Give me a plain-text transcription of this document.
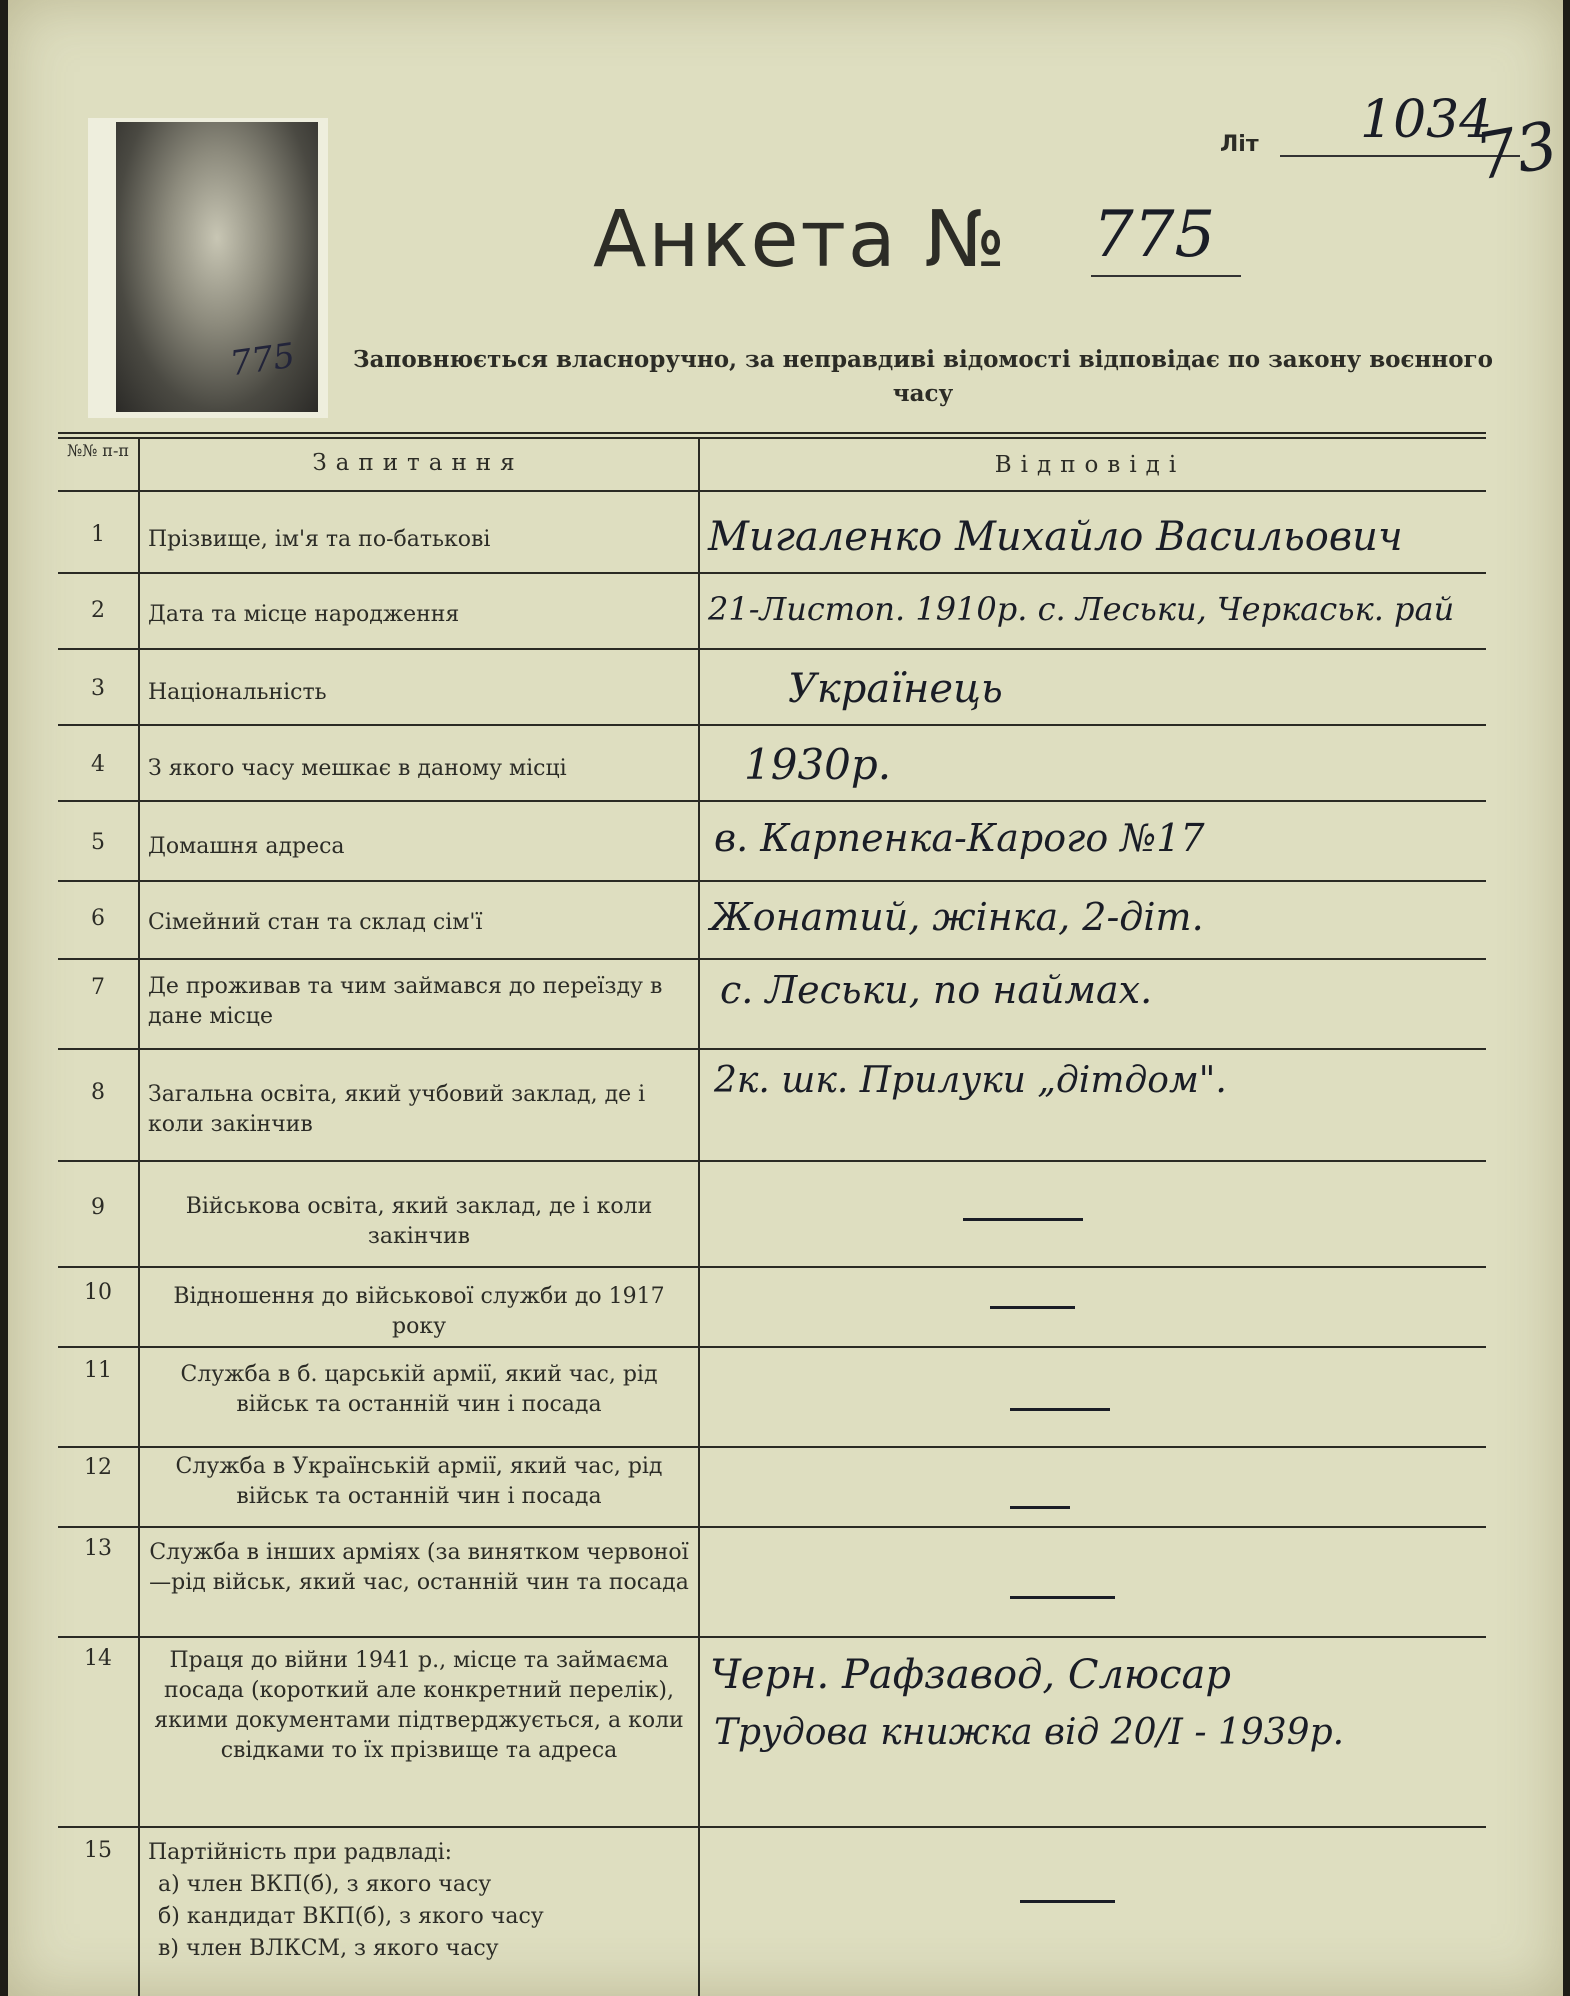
775
Літ 1034
73
Анкета № 775
Заповнюється власноручно, за неправдиві відомості відповідає по закону воєнного часу
№№ п-п	Запитання	Відповіді
1
2
3
4
5
6
7
8
9
10
11
12
13
14
15
Прізвище, ім'я та по-батькові
Дата та місце народження
Національність
З якого часу мешкає в даному місці
Домашня адреса
Сімейний стан та склад сім'ї
Де проживав та чим займався до переїзду в дане місце
Загальна освіта, який учбовий заклад, де і коли закінчив
Військова освіта, який заклад, де і коли закінчив
Відношення до військової служби до 1917 року
Служба в б. царській армії, який час, рід військ та останній чин і посада
Служба в Українській армії, який час, рід військ та останній чин і посада
Служба в інших арміях (за винятком червоної—рід військ, який час, останній чин та посада
Праця до війни 1941 р., місце та займаєма посада (короткий але конкретний перелік), якими документами підтверджується, а коли свідками то їх прізвище та адреса
Партійність при радвладі:
а) член ВКП(б), з якого часу
б) кандидат ВКП(б), з якого часу
в) член ВЛКСМ, з якого часу
Мигаленко Михайло Васильович
21-Листоп. 1910р. с. Леськи, Черкаськ. рай
Українець
1930р.
в. Карпенка-Карого №17
Жонатий, жінка, 2-діт.
с. Леськи, по наймах.
2к. шк. Прилуки „дітдом".
Черн. Рафзавод, Слюсар
Трудова книжка від 20/І - 1939р.
